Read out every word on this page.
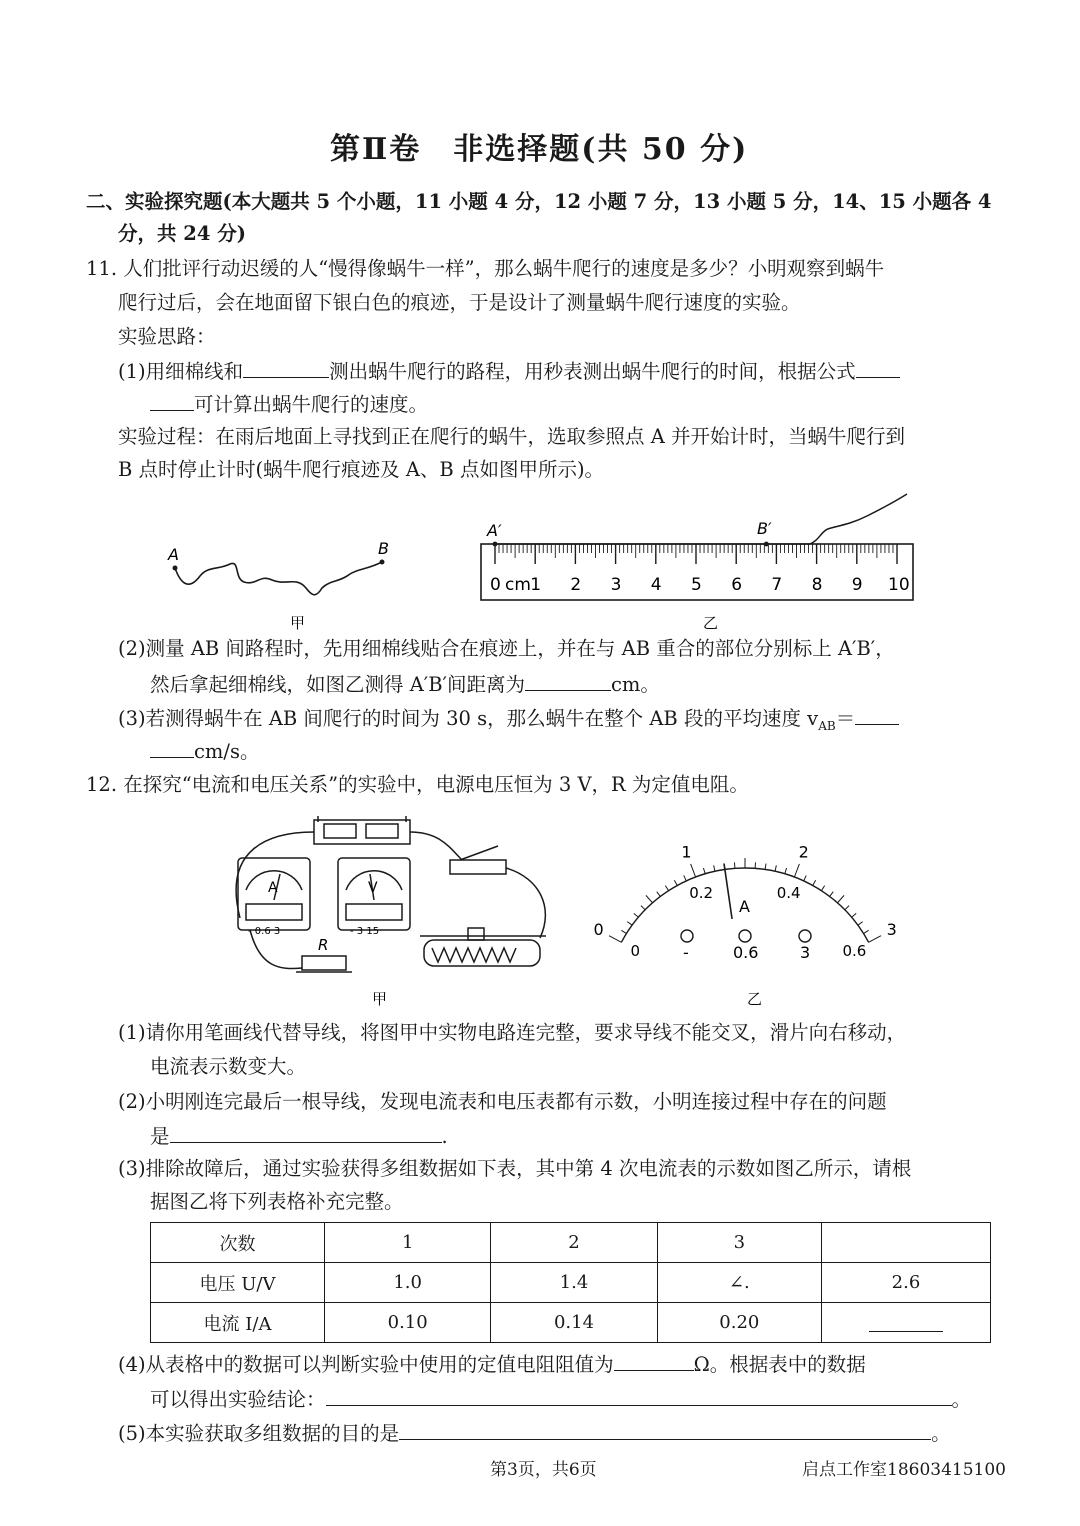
第Ⅱ卷　非选择题(共 50 分)
二、实验探究题(本大题共 5 个小题，11 小题 4 分，12 小题 7 分，13 小题 5 分，14、15 小题各 4
分，共 24 分)
11. 人们批评行动迟缓的人“慢得像蜗牛一样”，那么蜗牛爬行的速度是多少？小明观察到蜗牛
爬行过后，会在地面留下银白色的痕迹，于是设计了测量蜗牛爬行速度的实验。
实验思路：
(1)用细棉线和	测出蜗牛爬行的路程，用秒表测出蜗牛爬行的时间，根据公式
可计算出蜗牛爬行的速度。
实验过程：在雨后地面上寻找到正在爬行的蜗牛，选取参照点 A 并开始计时，当蜗牛爬行到
B 点时停止计时(蜗牛爬行痕迹及 A、B 点如图甲所示)。
A	B
甲
A′	B′
0 1 2 3 4 5 6 7 8 9 10
cm
乙
(2)测量 AB 间路程时，先用细棉线贴合在痕迹上，并在与 AB 重合的部位分别标上 A′B′，
然后拿起细棉线，如图乙测得 A′B′间距离为	cm。
(3)若测得蜗牛在 AB 间爬行的时间为 30 s，那么蜗牛在整个 AB 段的平均速度 $v_{AB}=$
cm/s。
12. 在探究“电流和电压关系”的实验中，电源电压恒为 3 V，R 为定值电阻。
A	V
- 0.6 3	- 3 15
R
甲
0
1	2
3
0
0.2	0.4
0.6
A
-	0.6	3
乙
(1)请你用笔画线代替导线，将图甲中实物电路连完整，要求导线不能交叉，滑片向右移动，
电流表示数变大。
(2)小明刚连完最后一根导线，发现电流表和电压表都有示数，小明连接过程中存在的问题
是	.
(3)排除故障后，通过实验获得多组数据如下表，其中第 4 次电流表的示数如图乙所示，请根
据图乙将下列表格补充完整。
次数	1	2	3	
电压 U/V	1.0	1.4	∠.	2.6
电流 I/A	0.10	0.14	0.20	
(4)从表格中的数据可以判断实验中使用的定值电阻阻值为	Ω。根据表中的数据
可以得出实验结论：	。
(5)本实验获取多组数据的目的是	。
第3页，共6页	启点工作室18603415100
